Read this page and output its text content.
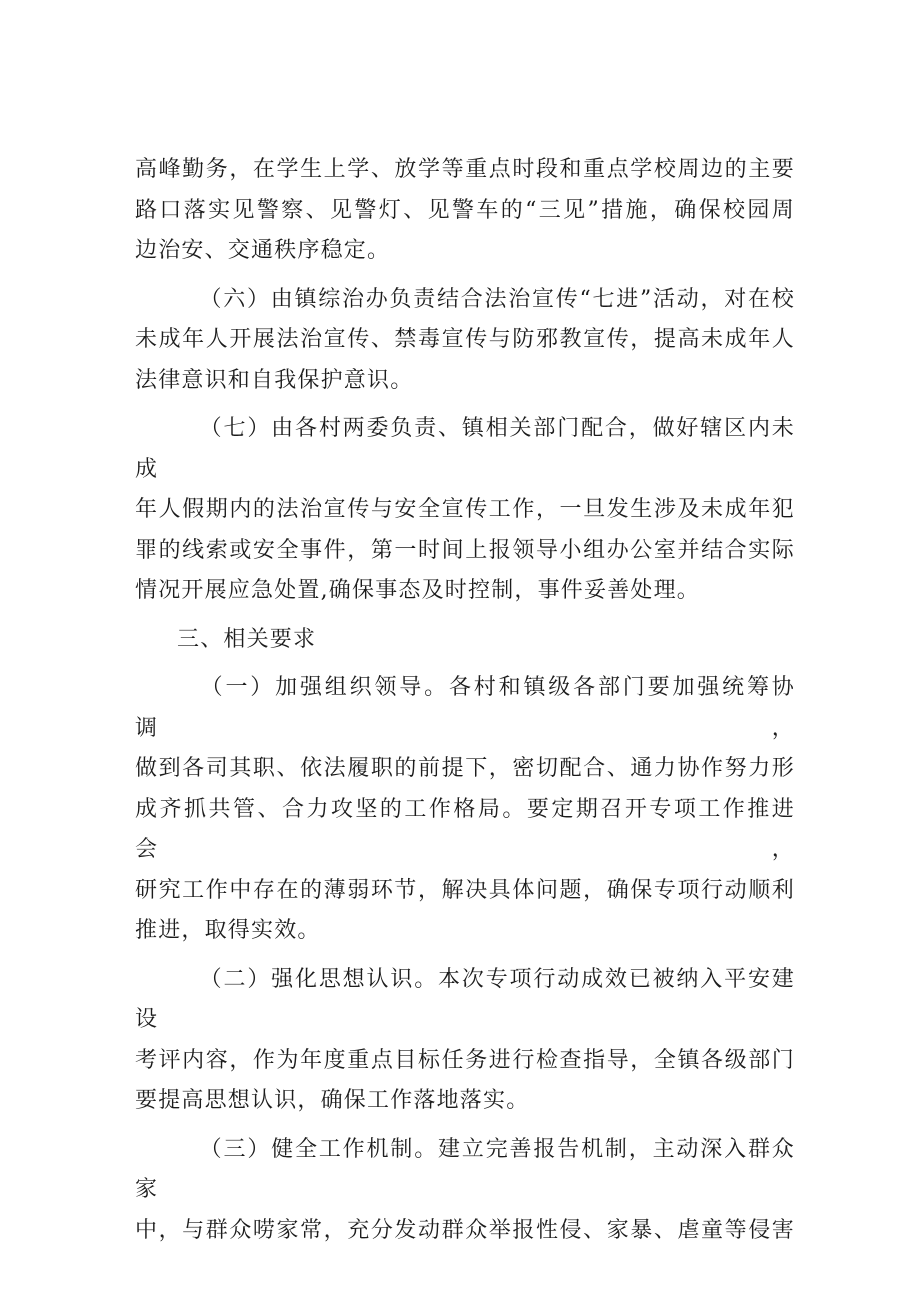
高峰勤务，在学生上学、放学等重点时段和重点学校周边的主要
路口落实见警察、见警灯、见警车的“三见”措施，确保校园周
边治安、交通秩序稳定。

（六）由镇综治办负责结合法治宣传“七进”活动，对在校
未成年人开展法治宣传、禁毒宣传与防邪教宣传，提高未成年人
法律意识和自我保护意识。

（七）由各村两委负责、镇相关部门配合，做好辖区内未成
年人假期内的法治宣传与安全宣传工作，一旦发生涉及未成年犯
罪的线索或安全事件，第一时间上报领导小组办公室并结合实际
情况开展应急处置,确保事态及时控制，事件妥善处理。

三、相关要求

（一）加强组织领导。各村和镇级各部门要加强统筹协调，
做到各司其职、依法履职的前提下，密切配合、通力协作努力形
成齐抓共管、合力攻坚的工作格局。要定期召开专项工作推进会，
研究工作中存在的薄弱环节，解决具体问题，确保专项行动顺利
推进，取得实效。

（二）强化思想认识。本次专项行动成效已被纳入平安建设
考评内容，作为年度重点目标任务进行检查指导，全镇各级部门
要提高思想认识，确保工作落地落实。

（三）健全工作机制。建立完善报告机制，主动深入群众家
中，与群众唠家常，充分发动群众举报性侵、家暴、虐童等侵害
